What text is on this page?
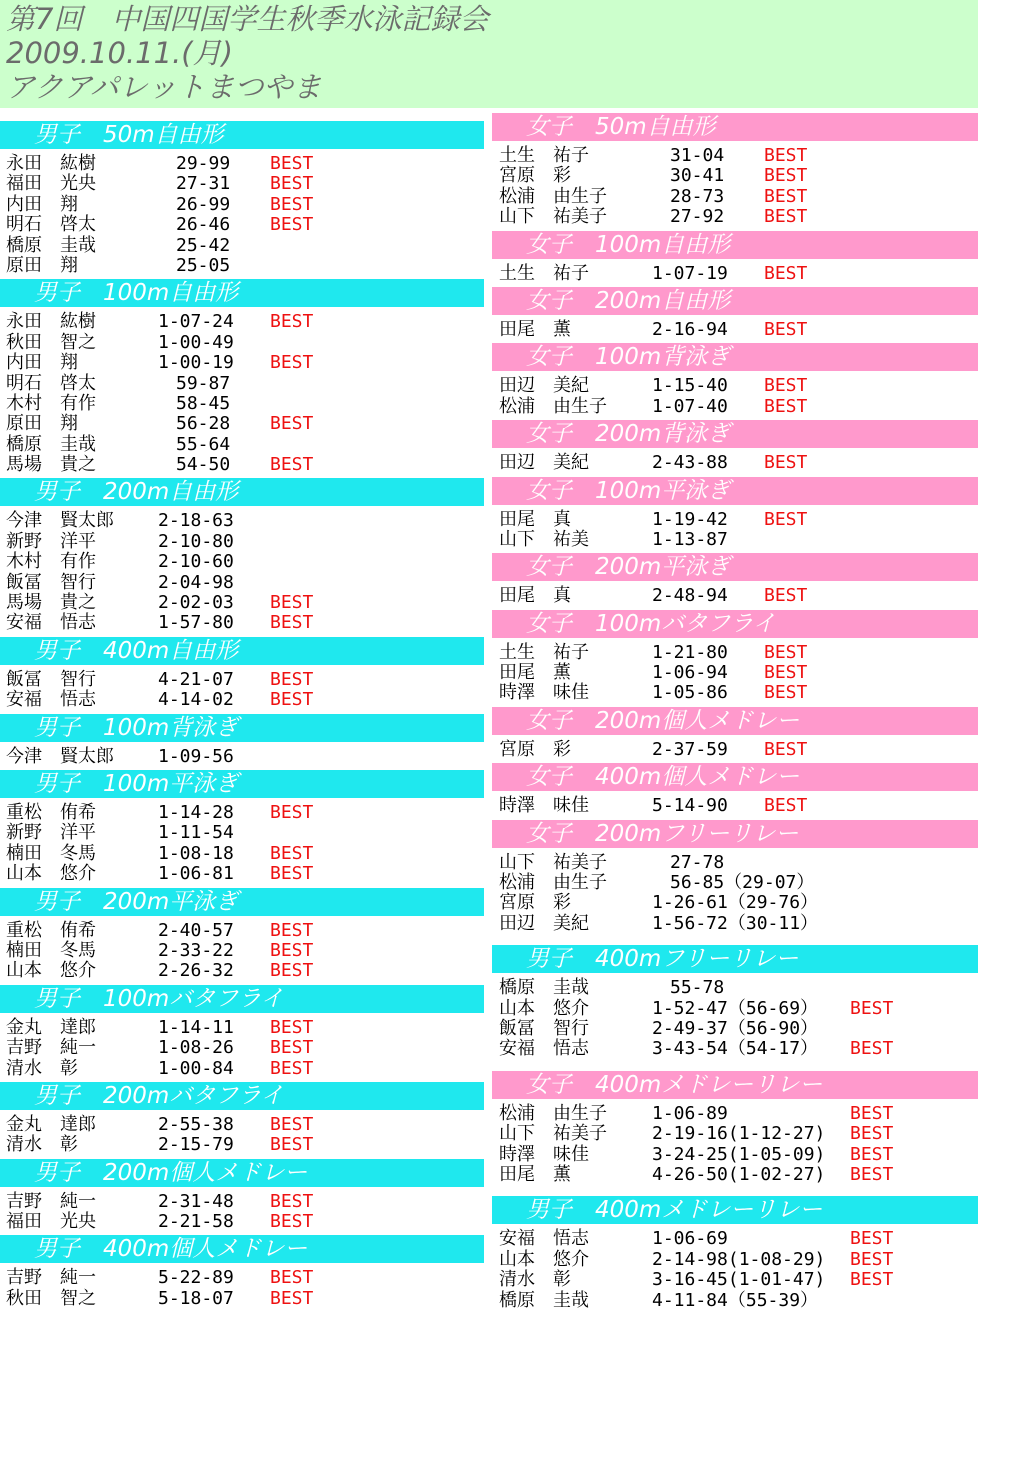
第7回　中国四国学生秋季水泳記録会
2009.10.11.(月)
アクアパレットまつやま
男子　50m自由形
永田　紘樹	　29-99 BEST
福田　光央	　27-31 BEST
内田　翔	　26-99 BEST
明石　啓太	　26-46 BEST
橋原　圭哉	　25-42
原田　翔	　25-05
男子　100m自由形
永田　紘樹	1-07-24 BEST
秋田　智之	1-00-49
内田　翔	1-00-19 BEST
明石　啓太	　59-87
木村　有作	　58-45
原田　翔	　56-28 BEST
橋原　圭哉	　55-64
馬場　貴之	　54-50 BEST
男子　200m自由形
今津　賢太郎 2-18-63
新野　洋平	2-10-80
木村　有作	2-10-60
飯冨　智行	2-04-98
馬場　貴之	2-02-03 BEST
安福　悟志	1-57-80 BEST
男子　400m自由形
飯冨　智行	4-21-07 BEST
安福　悟志	4-14-02 BEST
男子　100m背泳ぎ
今津　賢太郎 1-09-56
男子　100m平泳ぎ
重松　侑希	1-14-28 BEST
新野　洋平	1-11-54
楠田　冬馬	1-08-18 BEST
山本　悠介	1-06-81 BEST
男子　200m平泳ぎ
重松　侑希	2-40-57 BEST
楠田　冬馬	2-33-22 BEST
山本　悠介	2-26-32 BEST
男子　100mバタフライ
金丸　達郎	1-14-11 BEST
吉野　純一	1-08-26 BEST
清水　彰	1-00-84 BEST
男子　200mバタフライ
金丸　達郎	2-55-38 BEST
清水　彰	2-15-79 BEST
男子　200m個人メドレー
吉野　純一	2-31-48 BEST
福田　光央	2-21-58 BEST
男子　400m個人メドレー
吉野　純一	5-22-89 BEST
秋田　智之	5-18-07 BEST
女子　50m自由形
土生　祐子	　31-04 BEST
宮原　彩	　30-41 BEST
松浦　由生子	　28-73 BEST
山下　祐美子	　27-92 BEST
女子　100m自由形
土生　祐子	1-07-19 BEST
女子　200m自由形
田尾　薫	2-16-94 BEST
女子　100m背泳ぎ
田辺　美紀	1-15-40 BEST
松浦　由生子	1-07-40 BEST
女子　200m背泳ぎ
田辺　美紀	2-43-88 BEST
女子　100m平泳ぎ
田尾　真	1-19-42 BEST
山下　祐美	1-13-87
女子　200m平泳ぎ
田尾　真	2-48-94 BEST
女子　100mバタフライ
土生　祐子	1-21-80 BEST
田尾　薫	1-06-94 BEST
時澤　味佳	1-05-86 BEST
女子　200m個人メドレー
宮原　彩	2-37-59 BEST
女子　400m個人メドレー
時澤　味佳	5-14-90 BEST
女子　200mフリーリレー
山下　祐美子	　27-78
松浦　由生子	　56-85（29-07）
宮原　彩	1-26-61（29-76）
田辺　美紀	1-56-72（30-11）
男子　400mフリーリレー
橋原　圭哉	　55-78
山本　悠介	1-52-47（56-69） BEST
飯冨　智行	2-49-37（56-90）
安福　悟志	3-43-54（54-17） BEST
女子　400mメドレーリレー
松浦　由生子	1-06-89	BEST
山下　祐美子	2-19-16(1-12-27) BEST
時澤　味佳	3-24-25(1-05-09) BEST
田尾　薫	4-26-50(1-02-27) BEST
男子　400mメドレーリレー
安福　悟志	1-06-69	BEST
山本　悠介	2-14-98(1-08-29) BEST
清水　彰	3-16-45(1-01-47) BEST
橋原　圭哉	4-11-84（55-39）
